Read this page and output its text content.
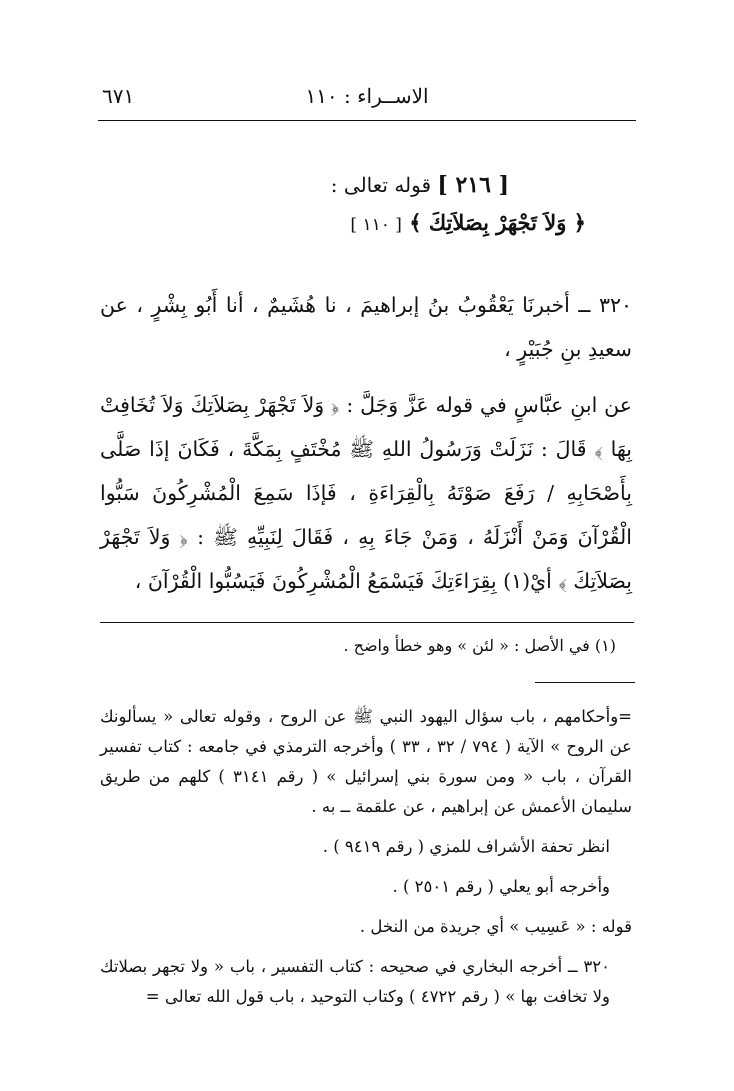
الاســراء : ١١٠
٦٧١
[ ٢١٦ ] قوله تعالى :
﴿ وَلاَ تَجْهَرْ بِصَلاَتِكَ ﴾ [ ١١٠ ]
٣٢٠ ــ أخبرنَا يَعْقُوبُ بنُ إبراهيمَ ، نا هُشَيمٌ ، أنا أَبُو بِشْرٍ ، عن سعيدِ بنِ جُبَيْرٍ ،
عن ابنِ عبَّاسٍ في قوله عَزَّ وَجَلَّ : ﴿ وَلاَ تَجْهَرْ بِصَلاَتِكَ وَلاَ تُخَافِتْ بِهَا ﴾ قَالَ : نَزَلَتْ وَرَسُولُ اللهِ ﷺ مُخْتَفٍ بِمَكَّةَ ، فَكَانَ إذَا صَلَّى بِأَصْحَابِهِ / رَفَعَ صَوْتَهُ بِالْقِرَاءَةِ ، فَإذَا سَمِعَ الْمُشْرِكُونَ سَبُّوا الْقُرْآنَ وَمَنْ أَنْزَلَهُ ، وَمَنْ جَاءَ بِهِ ، فَقَالَ لِنَبِيِّهِ ﷺ : ﴿ وَلاَ تَجْهَرْ بِصَلاَتِكَ ﴾ أيْ(١) بِقِرَاءَتِكَ فَيَسْمَعُ الْمُشْرِكُونَ فَيَسُبُّوا الْقُرْآنَ ،
(١) في الأصل : « لئن » وهو خطأ واضح .

=وأحكامهم ، باب سؤال اليهود النبي ﷺ عن الروح ، وقوله تعالى « يسألونك عن الروح » الآية ( ٧٩٤ / ٣٢ ، ٣٣ ) وأخرجه الترمذي في جامعه : كتاب تفسير القرآن ، باب « ومن سورة بني إسرائيل » ( رقم ٣١٤١ ) كلهم من طريق سليمان الأعمش عن إبراهيم ، عن علقمة ــ به .

انظر تحفة الأشراف للمزي ( رقم ٩٤١٩ ) .

وأخرجه أبو يعلي ( رقم ٢٥٠١ ) .

قوله : « عَسِيب » أي جريدة من النخل .

٣٢٠ ــ أخرجه البخاري في صحيحه : كتاب التفسير ، باب « ولا تجهر بصلاتك ولا تخافت بها » ( رقم ٤٧٢٢ ) وكتاب التوحيد ، باب قول الله تعالى =
